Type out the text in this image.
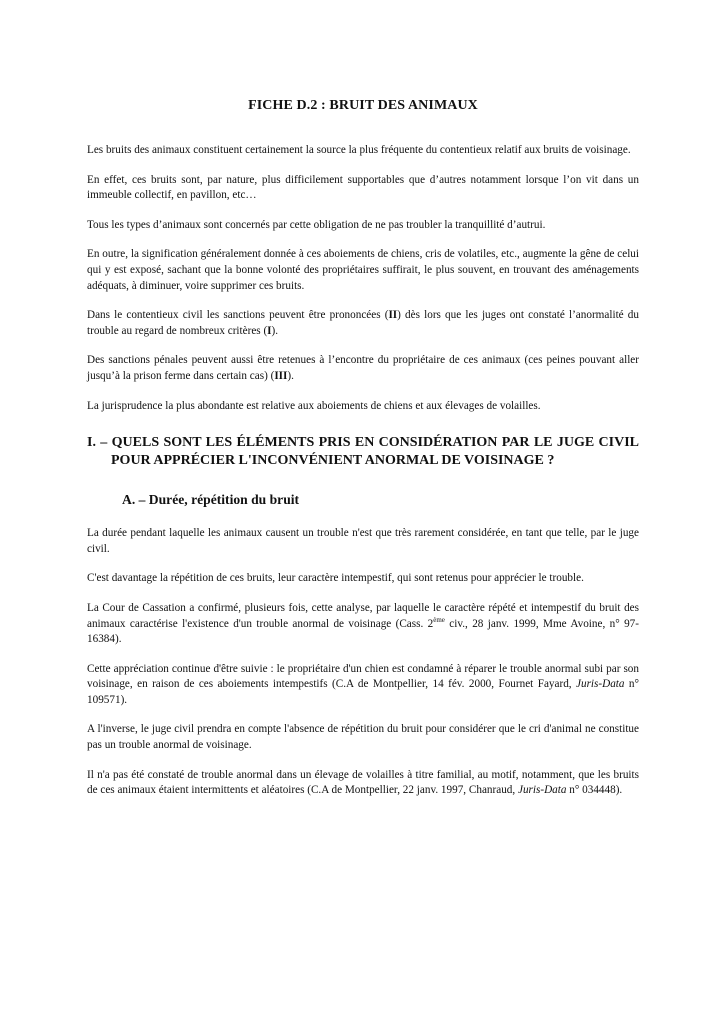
FICHE D.2 : BRUIT DES ANIMAUX

Les bruits des animaux constituent certainement la source la plus fréquente du contentieux relatif aux bruits de voisinage.

En effet, ces bruits sont, par nature, plus difficilement supportables que d’autres notamment lorsque l’on vit dans un immeuble collectif, en pavillon, etc…

Tous les types d’animaux sont concernés par cette obligation de ne pas troubler la tranquillité d’autrui.

En outre, la signification généralement donnée à ces aboiements de chiens, cris de volatiles, etc., augmente la gêne de celui qui y est exposé, sachant que la bonne volonté des propriétaires suffirait, le plus souvent, en trouvant des aménagements adéquats, à diminuer, voire supprimer ces bruits.

Dans le contentieux civil les sanctions peuvent être prononcées (II) dès lors que les juges ont constaté l’anormalité du trouble au regard de nombreux critères (I).

Des sanctions pénales peuvent aussi être retenues à l’encontre du propriétaire de ces animaux (ces peines pouvant aller jusqu’à la prison ferme dans certain cas) (III).

La jurisprudence la plus abondante est relative aux aboiements de chiens et aux élevages de volailles.

I. – QUELS SONT LES ÉLÉMENTS PRIS EN CONSIDÉRATION PAR LE JUGE CIVIL POUR APPRÉCIER L'INCONVÉNIENT ANORMAL DE VOISINAGE ?
A. – Durée, répétition du bruit

La durée pendant laquelle les animaux causent un trouble n'est que très rarement considérée, en tant que telle, par le juge civil.

C'est davantage la répétition de ces bruits, leur caractère intempestif, qui sont retenus pour apprécier le trouble.

La Cour de Cassation a confirmé, plusieurs fois, cette analyse, par laquelle le caractère répété et intempestif du bruit des animaux caractérise l'existence d'un trouble anormal de voisinage (Cass. 2ème civ., 28 janv. 1999, Mme Avoine, n° 97-16384).

Cette appréciation continue d'être suivie : le propriétaire d'un chien est condamné à réparer le trouble anormal subi par son voisinage, en raison de ces aboiements intempestifs (C.A de Montpellier, 14 fév. 2000, Fournet Fayard, Juris-Data n° 109571).

A l'inverse, le juge civil prendra en compte l'absence de répétition du bruit pour considérer que le cri d'animal ne constitue pas un trouble anormal de voisinage.

Il n'a pas été constaté de trouble anormal dans un élevage de volailles à titre familial, au motif, notamment, que les bruits de ces animaux étaient intermittents et aléatoires (C.A de Montpellier, 22 janv. 1997, Chanraud, Juris-Data n° 034448).
